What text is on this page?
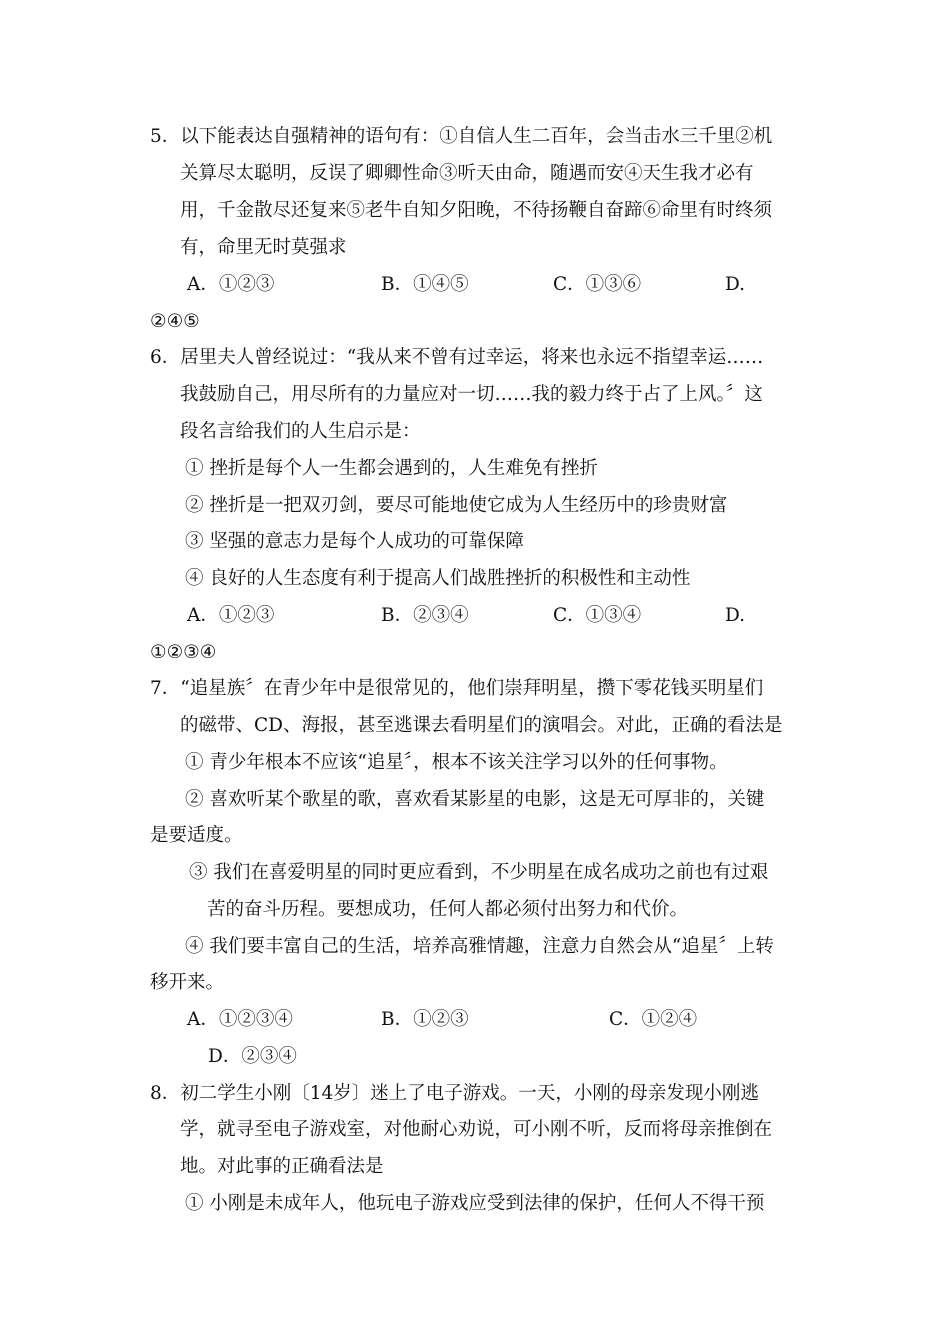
5．以下能表达自强精神的语句有：①自信人生二百年，会当击水三千里②机
关算尽太聪明，反误了卿卿性命③听天由命，随遇而安④天生我才必有
用，千金散尽还复来⑤老牛自知夕阳晚，不待扬鞭自奋蹄⑥命里有时终须
有，命里无时莫强求
A．①②③	B．①④⑤	C．①③⑥	D.
②④⑤
6．居里夫人曾经说过：“我从来不曾有过幸运，将来也永远不指望幸运……
我鼓励自己，用尽所有的力量应对一切……我的毅力终于占了上风。〞这
段名言给我们的人生启示是：
① 挫折是每个人一生都会遇到的，人生难免有挫折
② 挫折是一把双刃剑，要尽可能地使它成为人生经历中的珍贵财富
③ 坚强的意志力是每个人成功的可靠保障
④ 良好的人生态度有利于提高人们战胜挫折的积极性和主动性
A．①②③	B．②③④	C．①③④	D.
①②③④
7．“追星族〞在青少年中是很常见的，他们崇拜明星，攒下零花钱买明星们
的磁带、CD、海报，甚至逃课去看明星们的演唱会。对此，正确的看法是
① 青少年根本不应该“追星〞，根本不该关注学习以外的任何事物。
② 喜欢听某个歌星的歌，喜欢看某影星的电影，这是无可厚非的，关键
是要适度。
③ 我们在喜爱明星的同时更应看到，不少明星在成名成功之前也有过艰
苦的奋斗历程。要想成功，任何人都必须付出努力和代价。
④ 我们要丰富自己的生活，培养高雅情趣，注意力自然会从“追星〞上转
移开来。
A．①②③④	B．①②③	C．①②④
D．②③④
8．初二学生小刚〔14岁〕迷上了电子游戏。一天，小刚的母亲发现小刚逃
学，就寻至电子游戏室，对他耐心劝说，可小刚不听，反而将母亲推倒在
地。对此事的正确看法是
① 小刚是未成年人，他玩电子游戏应受到法律的保护，任何人不得干预
